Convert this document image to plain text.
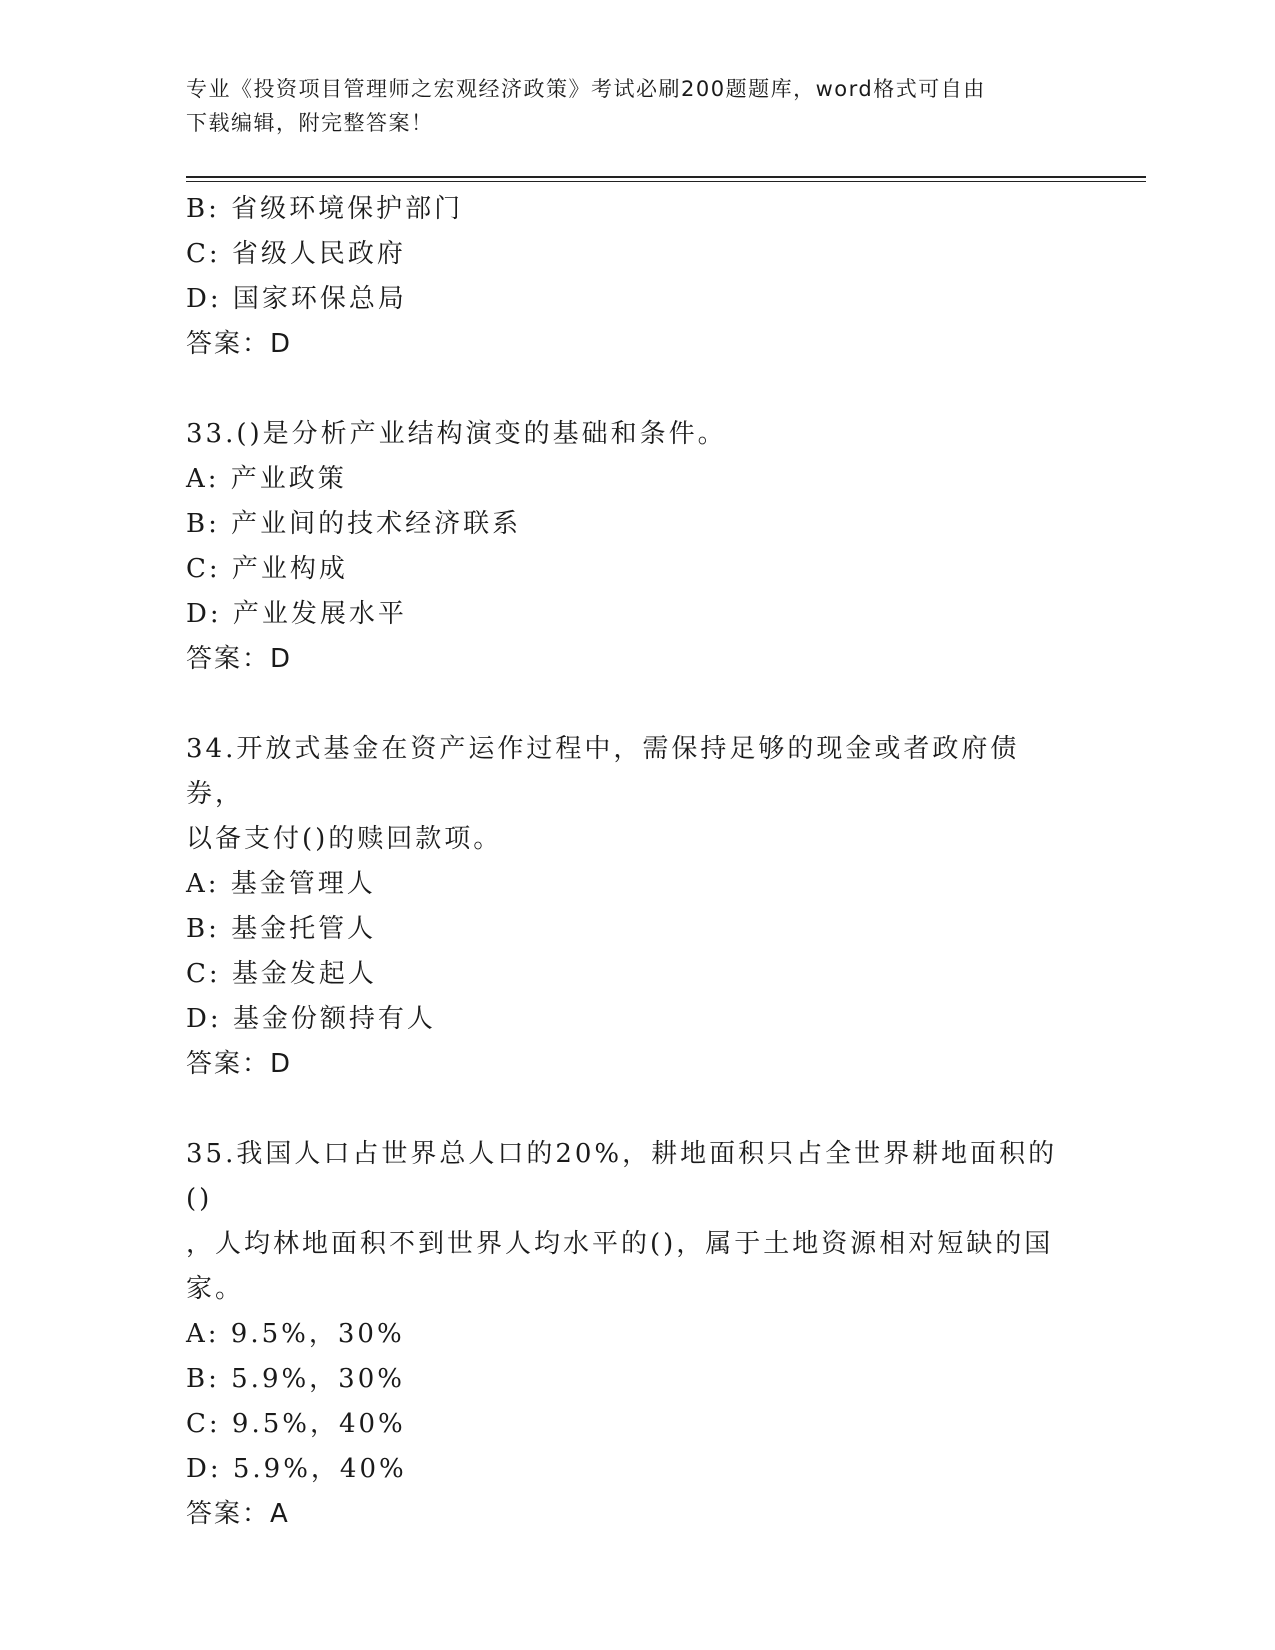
专业《投资项目管理师之宏观经济政策》考试必刷200题题库，word格式可自由
下载编辑，附完整答案！

B: 省级环境保护部门

C: 省级人民政府

D: 国家环保总局

答案：D

33.()是分析产业结构演变的基础和条件。

A: 产业政策

B: 产业间的技术经济联系

C: 产业构成

D: 产业发展水平

答案：D

34.开放式基金在资产运作过程中，需保持足够的现金或者政府债券，

以备支付()的赎回款项。

A: 基金管理人

B: 基金托管人

C: 基金发起人

D: 基金份额持有人

答案：D

35.我国人口占世界总人口的20%，耕地面积只占全世界耕地面积的()

，人均林地面积不到世界人均水平的()，属于土地资源相对短缺的国

家。

A: 9.5%，30%

B: 5.9%，30%

C: 9.5%，40%

D: 5.9%，40%

答案：A
